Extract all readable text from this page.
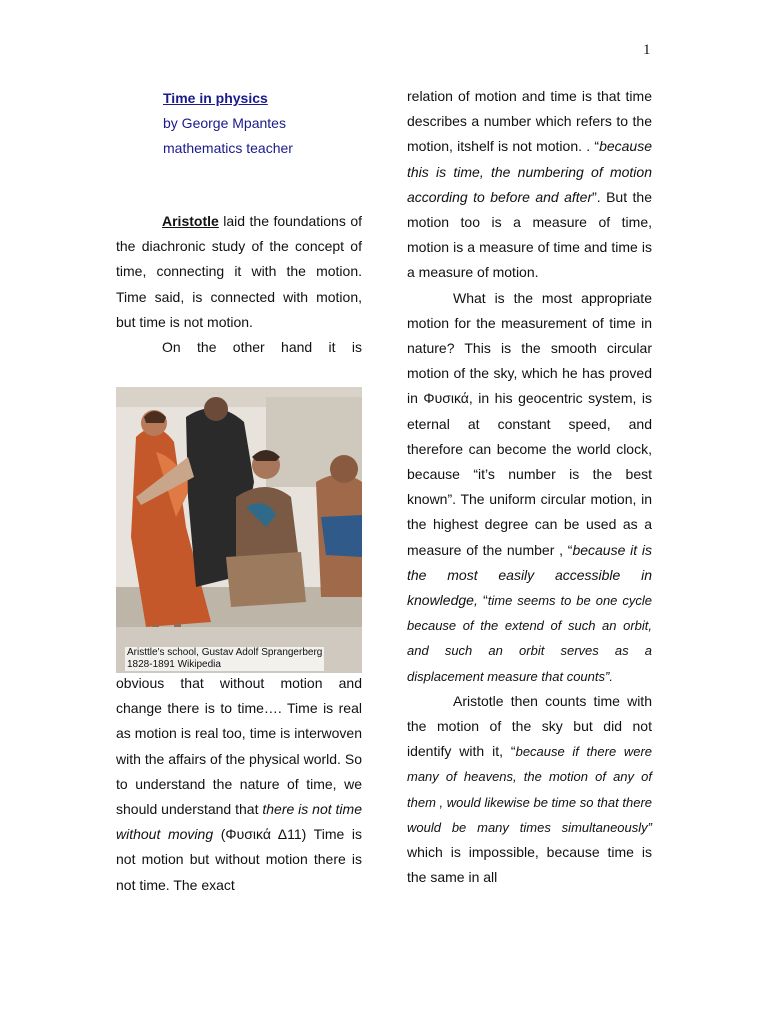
1
Time in physics
by George Mpantes
mathematics teacher

Aristotle laid the foundations of the diachronic study of the concept of time, connecting it with the motion. Time said, is connected with motion, but time is not motion.

On the other hand it is

Aristtle's school, Gustav Adolf Sprangerberg
1828-1891 Wikipedia

obvious that without motion and change there is to time…. Time is real as motion is real too, time is interwoven with the affairs of the physical world. So to understand the nature of time, we should understand that there is not time without moving (Φυσικά Δ11) Time is not motion but without motion there is not time. The exact

relation of motion and time is that time describes a number which refers to the motion, itshelf is not motion. . “because this is time, the numbering of motion according to before and after”. But the motion too is a measure of time, motion is a measure of time and time is a measure of motion.

What is the most appropriate motion for the measurement of time in nature? This is the smooth circular motion of the sky, which he has proved in Φυσικά, in his geocentric system, is eternal at constant speed, and therefore can become the world clock, because “it’s number is the best known”. The uniform circular motion, in the highest degree can be used as a measure of the number , “because it is the most easily accessible in knowledge, “time seems to be one cycle because of the extend of such an orbit, and such an orbit serves as a displacement measure that counts”.

Aristotle then counts time with the motion of the sky but did not identify with it, “because if there were many of heavens, the motion of any of them , would likewise be time so that there would be many times simultaneously” which is impossible, because time is the same in all
